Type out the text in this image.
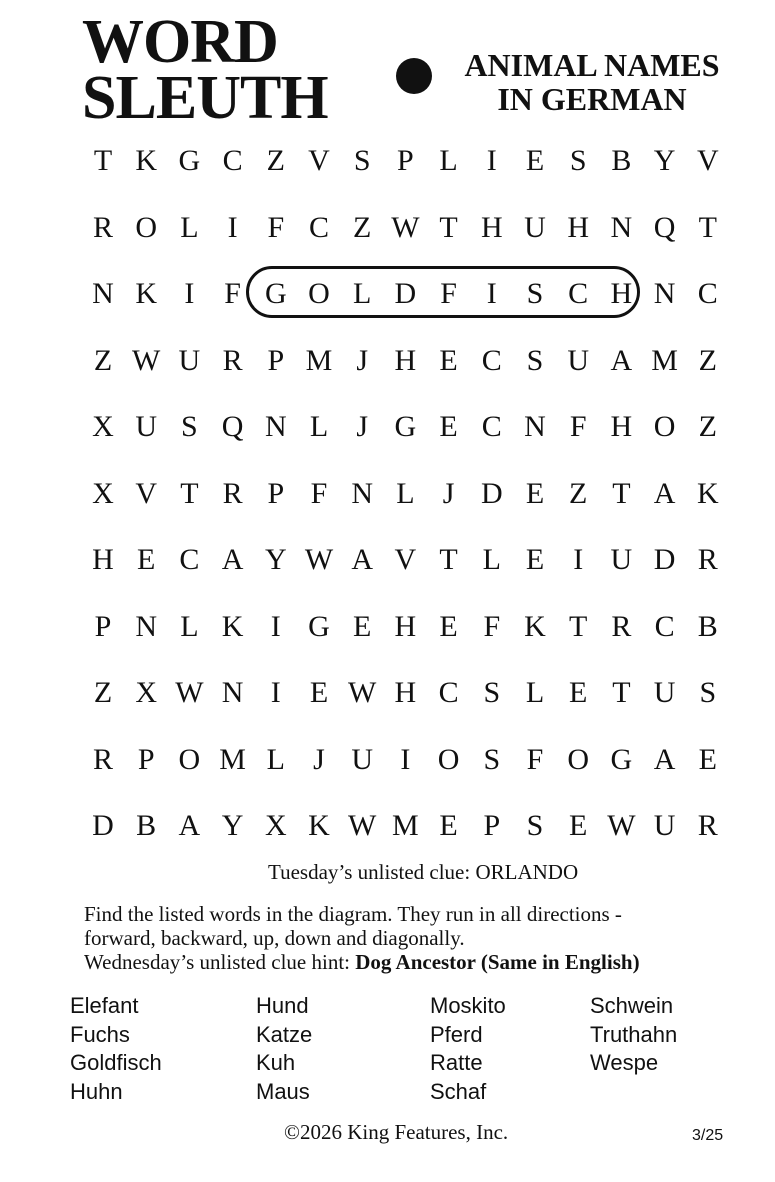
WORD
SLEUTH	ANIMAL NAMES
IN GERMAN
T K G C Z V S P L I E S B Y V
R O L I F C Z W T H U H N Q T
N K I F G O L D F I S C H N C
Z W U R P M J H E C S U A M Z
X U S Q N L J G E C N F H O Z
X V T R P F N L J D E Z T A K
H E C A Y W A V T L E I U D R
P N L K I G E H E F K T R C B
Z X W N I E W H C S L E T U S
R P O M L J U I O S F O G A E
D B A Y X K W M E P S E W U R
Tuesday’s unlisted clue: ORLANDO
Find the listed words in the diagram. They run in all directions -
forward, backward, up, down and diagonally.
Wednesday’s unlisted clue hint: Dog Ancestor (Same in English)
Elefant
Fuchs
Goldfisch
Huhn
Hund
Katze
Kuh
Maus
Moskito
Pferd
Ratte
Schaf
Schwein
Truthahn
Wespe
©2026 King Features, Inc.	3/25
